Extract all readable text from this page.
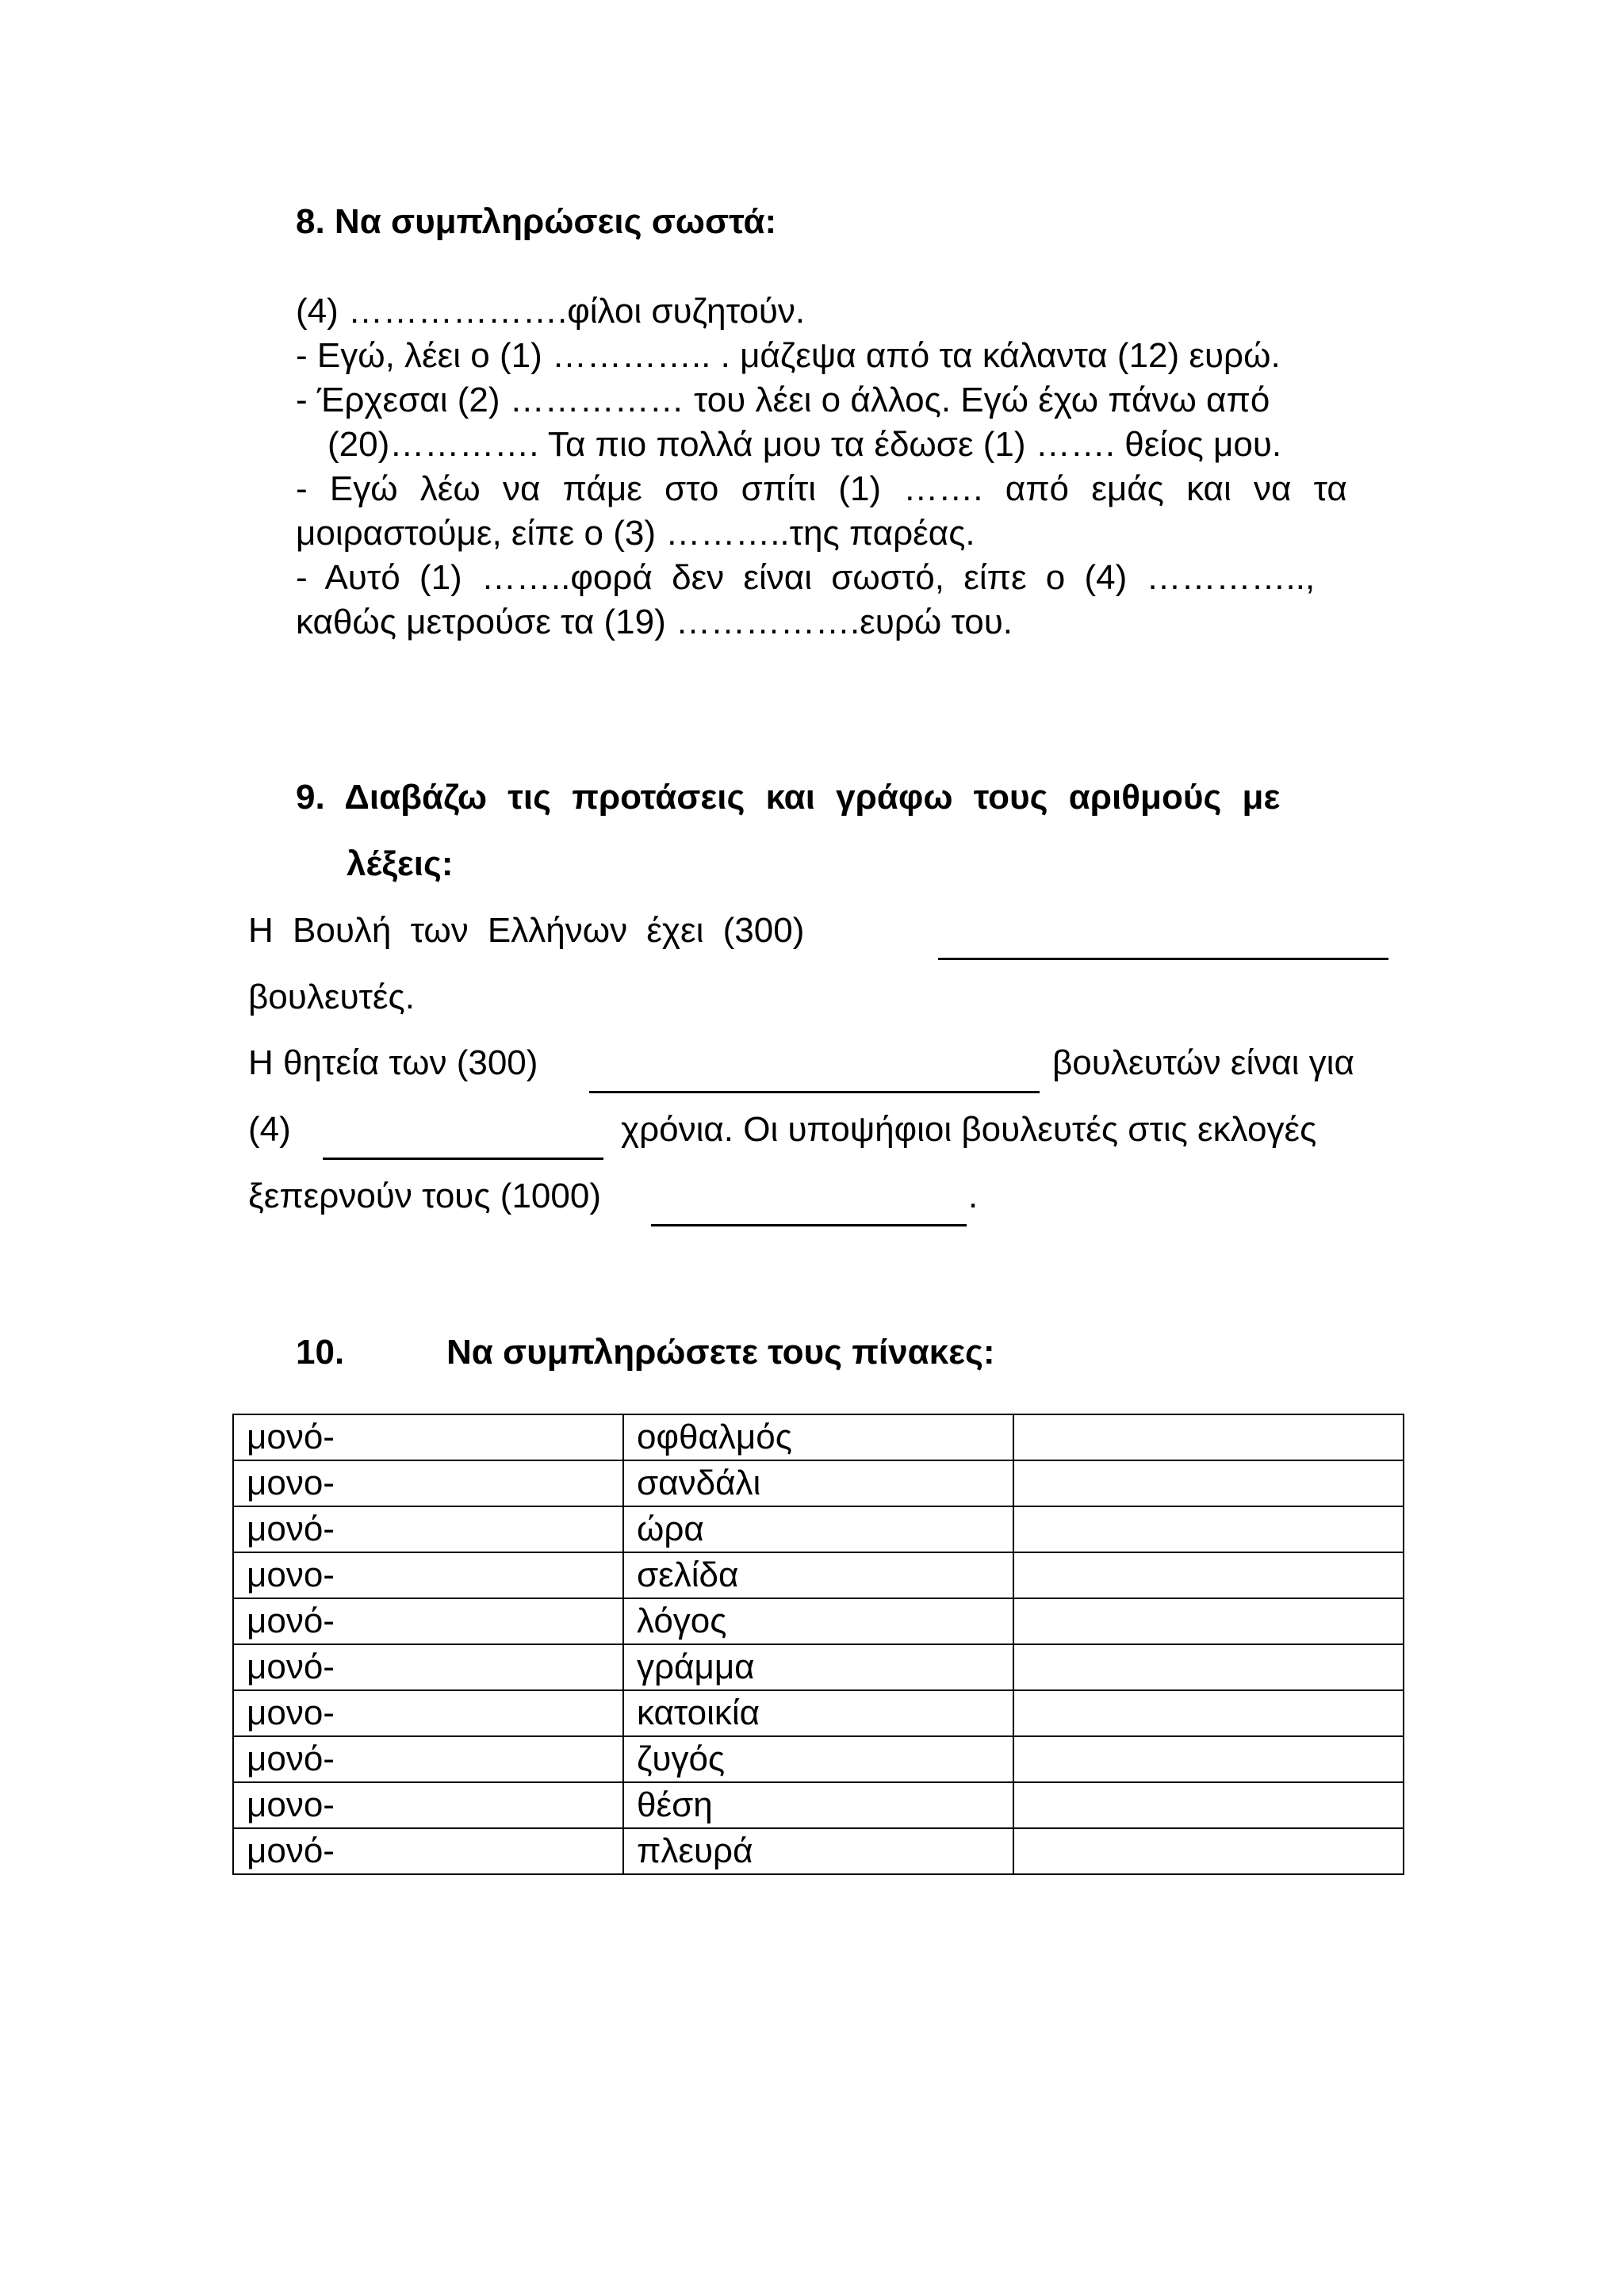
8. Να συμπληρώσεις σωστά:
(4) ……………….φίλοι συζητούν.
- Εγώ, λέει ο (1) ………….. . μάζεψα από τα κάλαντα (12) ευρώ.
- Έρχεσαι (2) …………… του λέει ο άλλος. Εγώ έχω πάνω από
(20)…………. Τα πιο πολλά μου τα έδωσε (1) ……. θείος μου.
- Εγώ λέω να πάμε στο σπίτι (1) ……. από εμάς και να τα
μοιραστούμε, είπε ο (3) ………..της παρέας.
- Αυτό (1) ……..φορά δεν είναι σωστό, είπε ο (4) …………..,
καθώς μετρούσε τα (19) …………….ευρώ του.
9. Διαβάζω τις προτάσεις και γράφω τους αριθμούς με
λέξεις:
Η Βουλή των Ελλήνων έχει (300)
βουλευτές.
Η θητεία των (300)	βουλευτών είναι για
(4)	χρόνια. Οι υποψήφιοι βουλευτές στις εκλογές
ξεπερνούν τους (1000)	.
10.	Να συμπληρώσετε τους πίνακες:
μονό-	οφθαλμός	
μονο-	σανδάλι	
μονό-	ώρα	
μονο-	σελίδα	
μονό-	λόγος	
μονό-	γράμμα	
μονο-	κατοικία	
μονό-	ζυγός	
μονο-	θέση	
μονό-	πλευρά	
